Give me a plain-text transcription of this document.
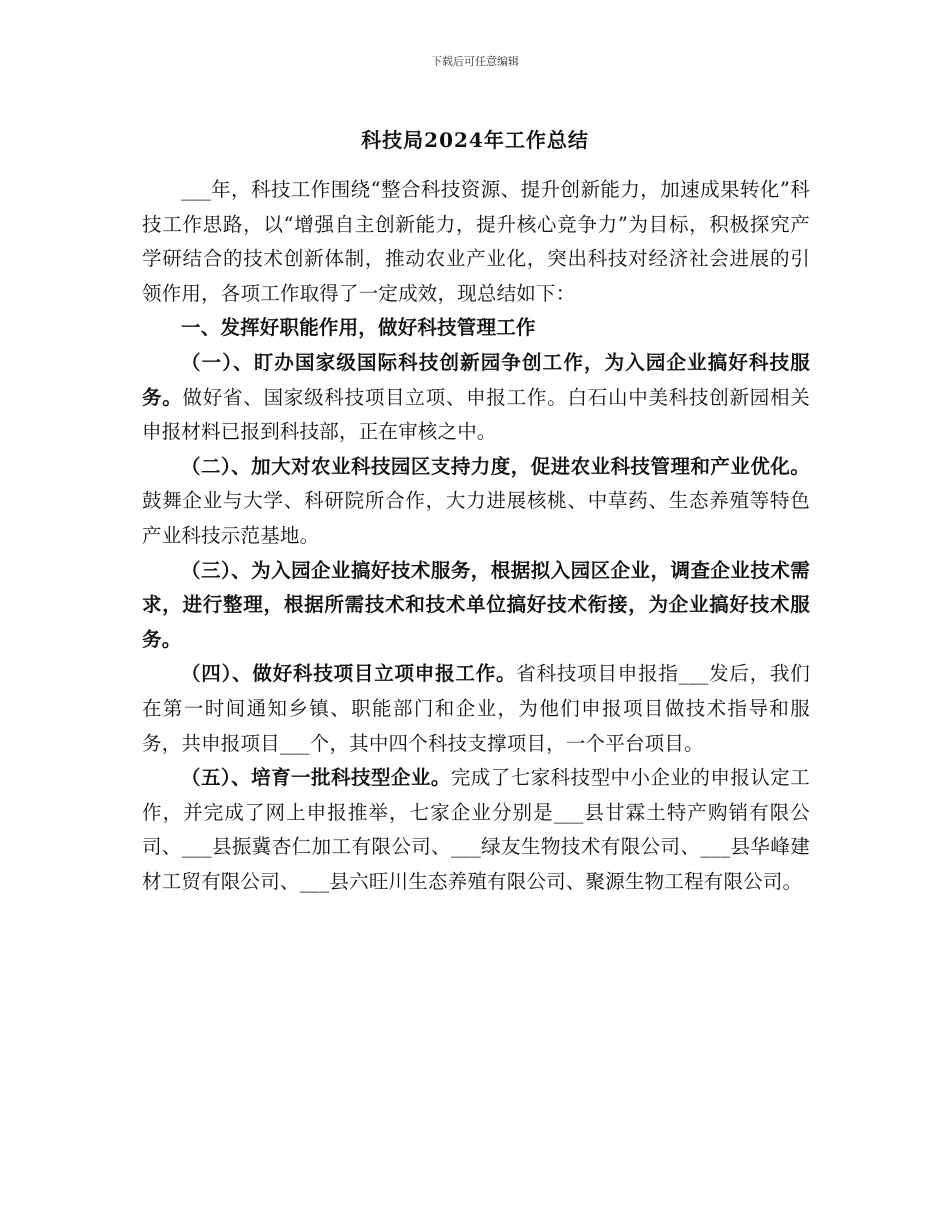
下载后可任意编辑
科技局2024年工作总结

___年，科技工作围绕“整合科技资源、提升创新能力，加速成果转化”科技工作思路，以“增强自主创新能力，提升核心竞争力”为目标，积极探究产学研结合的技术创新体制，推动农业产业化，突出科技对经济社会进展的引领作用，各项工作取得了一定成效，现总结如下：

一、发挥好职能作用，做好科技管理工作

（一）、盯办国家级国际科技创新园争创工作，为入园企业搞好科技服务。做好省、国家级科技项目立项、申报工作。白石山中美科技创新园相关申报材料已报到科技部，正在审核之中。

（二）、加大对农业科技园区支持力度，促进农业科技管理和产业优化。鼓舞企业与大学、科研院所合作，大力进展核桃、中草药、生态养殖等特色产业科技示范基地。

（三）、为入园企业搞好技术服务，根据拟入园区企业，调查企业技术需求，进行整理，根据所需技术和技术单位搞好技术衔接，为企业搞好技术服务。

（四）、做好科技项目立项申报工作。省科技项目申报指___发后，我们在第一时间通知乡镇、职能部门和企业，为他们申报项目做技术指导和服务，共申报项目___个，其中四个科技支撑项目，一个平台项目。

（五）、培育一批科技型企业。完成了七家科技型中小企业的申报认定工作，并完成了网上申报推举，七家企业分别是___县甘霖土特产购销有限公司、___县振冀杏仁加工有限公司、___绿友生物技术有限公司、___县华峰建材工贸有限公司、___县六旺川生态养殖有限公司、聚源生物工程有限公司。
